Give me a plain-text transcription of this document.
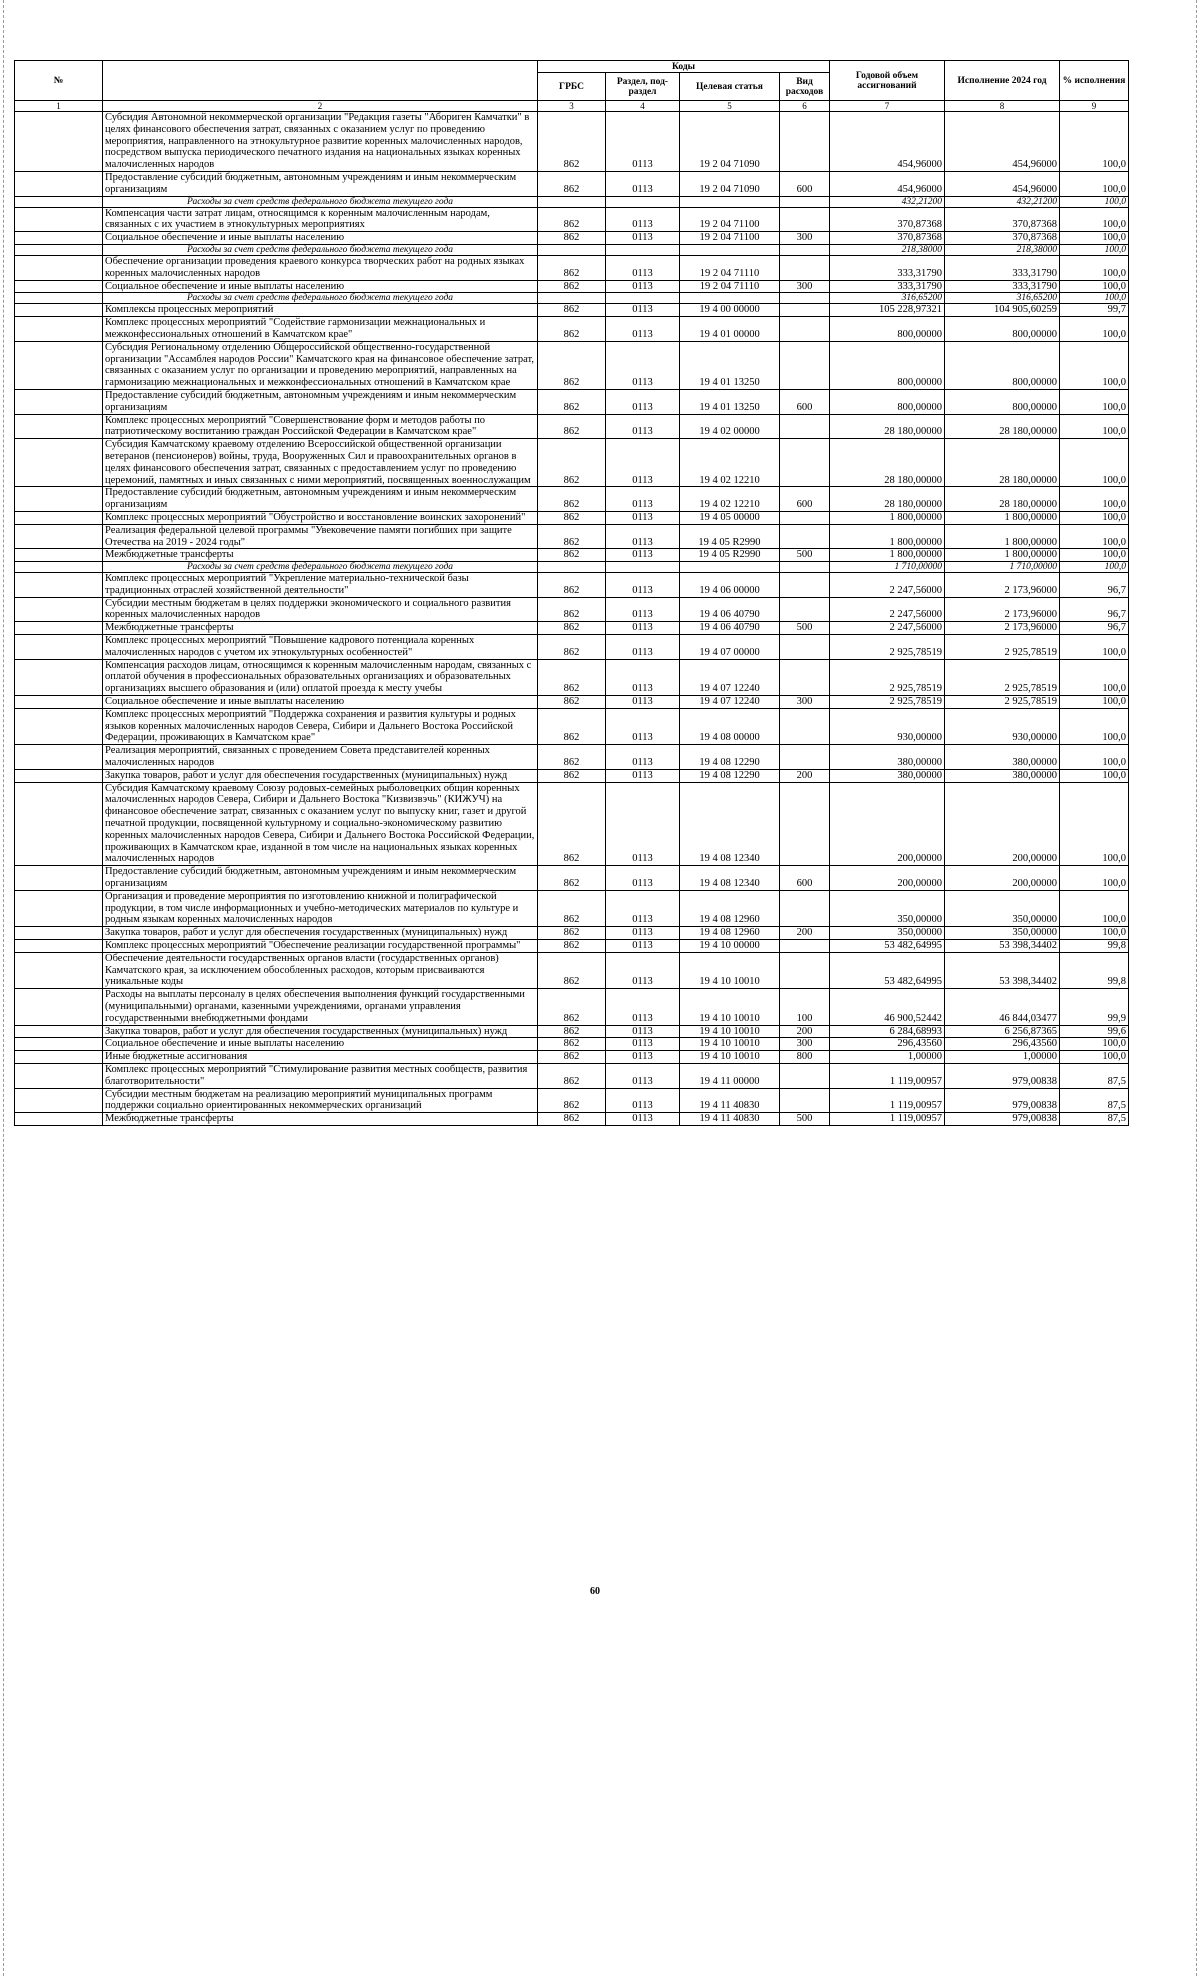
№		Коды				Годовой объем ассигнований	Исполнение 2024 год	% исполнения
		ГРБС	Раздел, под-раздел	Целевая статья	Вид расходов			
1	2	3	4	5	6	7	8	9
	Субсидия Автономной некоммерческой организации "Редакция газеты "Абориген Камчатки" в целях финансового обеспечения затрат, связанных с оказанием услуг по проведению мероприятия, направленного на этнокультурное развитие коренных малочисленных народов, посредством выпуска периодического печатного издания на национальных языках коренных малочисленных народов	862	0113	19 2 04 71090		454,96000	454,96000	100,0
	Предоставление субсидий бюджетным, автономным учреждениям и иным некоммерческим организациям	862	0113	19 2 04 71090	600	454,96000	454,96000	100,0
	Расходы за счет средств федерального бюджета текущего года					432,21200	432,21200	100,0
	Компенсация части затрат лицам, относящимся к коренным малочисленным народам, связанных с их участием в этнокультурных мероприятиях	862	0113	19 2 04 71100		370,87368	370,87368	100,0
	Социальное обеспечение и иные выплаты населению	862	0113	19 2 04 71100	300	370,87368	370,87368	100,0
	Расходы за счет средств федерального бюджета текущего года					218,38000	218,38000	100,0
	Обеспечение организации проведения краевого конкурса творческих работ на родных языках коренных малочисленных народов	862	0113	19 2 04 71110		333,31790	333,31790	100,0
	Социальное обеспечение и иные выплаты населению	862	0113	19 2 04 71110	300	333,31790	333,31790	100,0
	Расходы за счет средств федерального бюджета текущего года					316,65200	316,65200	100,0
	Комплексы процессных мероприятий	862	0113	19 4 00 00000		105 228,97321	104 905,60259	99,7
	Комплекс процессных мероприятий "Содействие гармонизации межнациональных и межконфессиональных отношений в Камчатском крае"	862	0113	19 4 01 00000		800,00000	800,00000	100,0
	Субсидия Региональному отделению Общероссийской общественно-государственной организации "Ассамблея народов России" Камчатского края на финансовое обеспечение затрат, связанных с оказанием услуг по организации и проведению мероприятий, направленных на гармонизацию межнациональных и межконфессиональных отношений в Камчатском крае	862	0113	19 4 01 13250		800,00000	800,00000	100,0
	Предоставление субсидий бюджетным, автономным учреждениям и иным некоммерческим организациям	862	0113	19 4 01 13250	600	800,00000	800,00000	100,0
	Комплекс процессных мероприятий "Совершенствование форм и методов работы по патриотическому воспитанию граждан Российской Федерации в Камчатском крае"	862	0113	19 4 02 00000		28 180,00000	28 180,00000	100,0
	Субсидия Камчатскому краевому отделению Всероссийской общественной организации ветеранов (пенсионеров) войны, труда, Вооруженных Сил и правоохранительных органов в целях финансового обеспечения затрат, связанных с предоставлением услуг по проведению церемоний, памятных и иных связанных с ними мероприятий, посвященных военнослужащим	862	0113	19 4 02 12210		28 180,00000	28 180,00000	100,0
	Предоставление субсидий бюджетным, автономным учреждениям и иным некоммерческим организациям	862	0113	19 4 02 12210	600	28 180,00000	28 180,00000	100,0
	Комплекс процессных мероприятий "Обустройство и восстановление воинских захоронений"	862	0113	19 4 05 00000		1 800,00000	1 800,00000	100,0
	Реализация федеральной целевой программы "Увековечение памяти погибших при защите Отечества на 2019 - 2024 годы"	862	0113	19 4 05 R2990		1 800,00000	1 800,00000	100,0
	Межбюджетные трансферты	862	0113	19 4 05 R2990	500	1 800,00000	1 800,00000	100,0
	Расходы за счет средств федерального бюджета текущего года					1 710,00000	1 710,00000	100,0
	Комплекс процессных мероприятий "Укрепление материально-технической базы традиционных отраслей хозяйственной деятельности"	862	0113	19 4 06 00000		2 247,56000	2 173,96000	96,7
	Субсидии местным бюджетам в целях поддержки экономического и социального развития коренных малочисленных народов	862	0113	19 4 06 40790		2 247,56000	2 173,96000	96,7
	Межбюджетные трансферты	862	0113	19 4 06 40790	500	2 247,56000	2 173,96000	96,7
	Комплекс процессных мероприятий "Повышение кадрового потенциала коренных малочисленных народов с учетом их этнокультурных особенностей"	862	0113	19 4 07 00000		2 925,78519	2 925,78519	100,0
	Компенсация расходов лицам, относящимся к коренным малочисленным народам, связанных с оплатой обучения в профессиональных образовательных организациях и образовательных организациях высшего образования и (или) оплатой проезда к месту учебы	862	0113	19 4 07 12240		2 925,78519	2 925,78519	100,0
	Социальное обеспечение и иные выплаты населению	862	0113	19 4 07 12240	300	2 925,78519	2 925,78519	100,0
	Комплекс процессных мероприятий "Поддержка сохранения и развития культуры и родных языков коренных малочисленных народов Севера, Сибири и Дальнего Востока Российской Федерации, проживающих в Камчатском крае"	862	0113	19 4 08 00000		930,00000	930,00000	100,0
	Реализация мероприятий, связанных с проведением Совета представителей коренных малочисленных народов	862	0113	19 4 08 12290		380,00000	380,00000	100,0
	Закупка товаров, работ и услуг для обеспечения государственных (муниципальных) нужд	862	0113	19 4 08 12290	200	380,00000	380,00000	100,0
	Субсидия Камчатскому краевому Союзу родовых-семейных рыболовецких общин коренных малочисленных народов Севера, Сибири и Дальнего Востока "Кизвизвэчь" (КИЖУЧ) на финансовое обеспечение затрат, связанных с оказанием услуг по выпуску книг, газет и другой печатной продукции, посвященной культурному и социально-экономическому развитию коренных малочисленных народов Севера, Сибири и Дальнего Востока Российской Федерации, проживающих в Камчатском крае, изданной в том числе на национальных языках коренных малочисленных народов	862	0113	19 4 08 12340		200,00000	200,00000	100,0
	Предоставление субсидий бюджетным, автономным учреждениям и иным некоммерческим организациям	862	0113	19 4 08 12340	600	200,00000	200,00000	100,0
	Организация и проведение мероприятия по изготовлению книжной и полиграфической продукции, в том числе информационных и учебно-методических материалов по культуре и родным языкам коренных малочисленных народов	862	0113	19 4 08 12960		350,00000	350,00000	100,0
	Закупка товаров, работ и услуг для обеспечения государственных (муниципальных) нужд	862	0113	19 4 08 12960	200	350,00000	350,00000	100,0
	Комплекс процессных мероприятий "Обеспечение реализации государственной программы"	862	0113	19 4 10 00000		53 482,64995	53 398,34402	99,8
	Обеспечение деятельности государственных органов власти (государственных органов) Камчатского края, за исключением обособленных расходов, которым присваиваются уникальные коды	862	0113	19 4 10 10010		53 482,64995	53 398,34402	99,8
	Расходы на выплаты персоналу в целях обеспечения выполнения функций государственными (муниципальными) органами, казенными учреждениями, органами управления государственными внебюджетными фондами	862	0113	19 4 10 10010	100	46 900,52442	46 844,03477	99,9
	Закупка товаров, работ и услуг для обеспечения государственных (муниципальных) нужд	862	0113	19 4 10 10010	200	6 284,68993	6 256,87365	99,6
	Социальное обеспечение и иные выплаты населению	862	0113	19 4 10 10010	300	296,43560	296,43560	100,0
	Иные бюджетные ассигнования	862	0113	19 4 10 10010	800	1,00000	1,00000	100,0
	Комплекс процессных мероприятий "Стимулирование развития местных сообществ, развития благотворительности"	862	0113	19 4 11 00000		1 119,00957	979,00838	87,5
	Субсидии местным бюджетам на реализацию мероприятий муниципальных программ поддержки социально ориентированных некоммерческих организаций	862	0113	19 4 11 40830		1 119,00957	979,00838	87,5
	Межбюджетные трансферты	862	0113	19 4 11 40830	500	1 119,00957	979,00838	87,5
60
